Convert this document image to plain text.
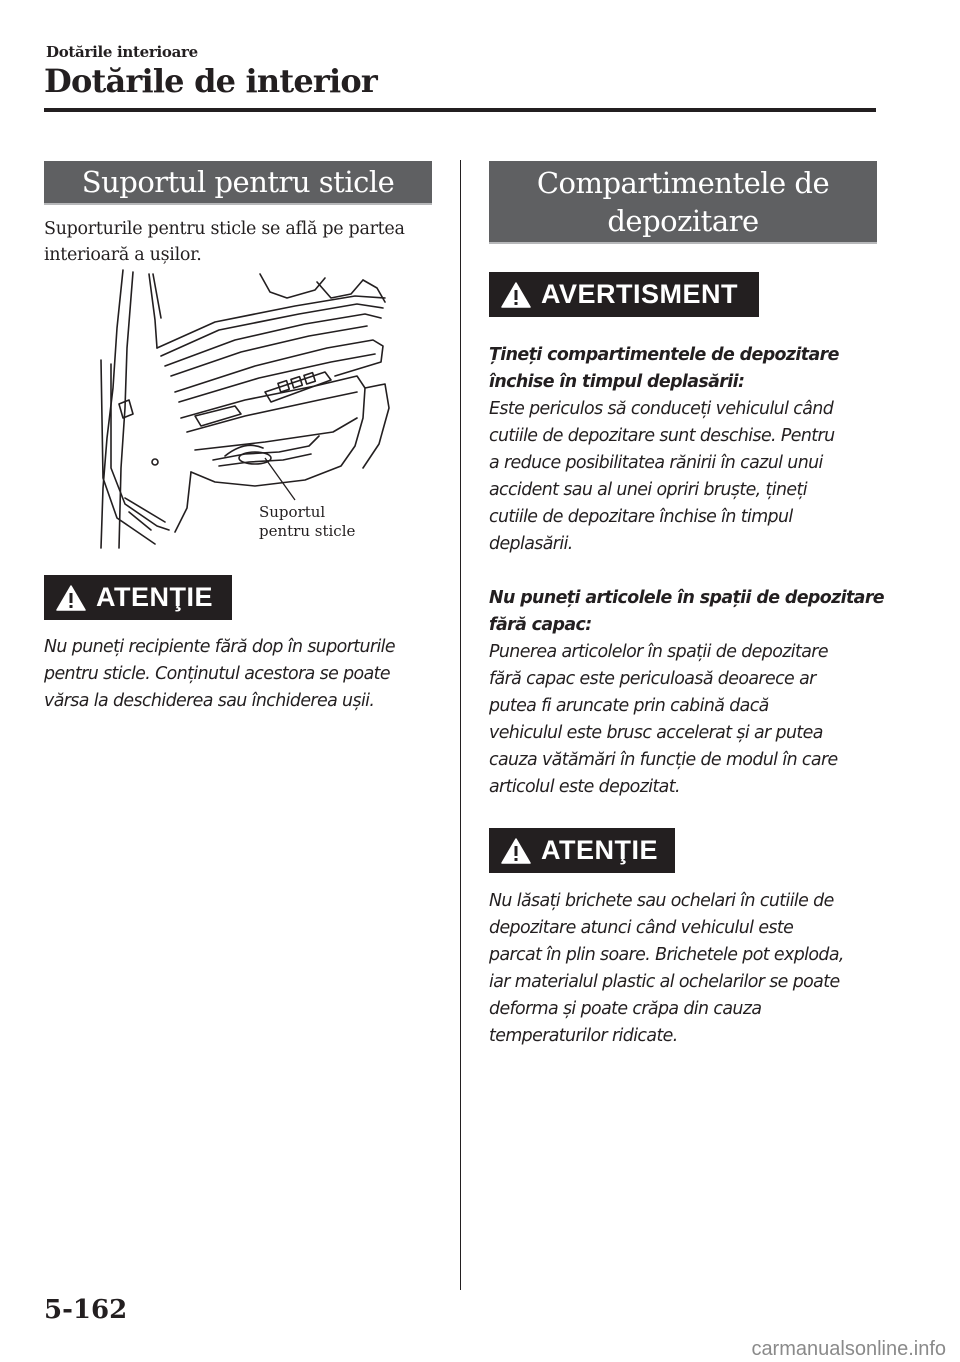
Dotările interioare
Dotările de interior
Suportul pentru sticle
Suporturile pentru sticle se află pe partea interioară a ușilor.
Suportul
pentru sticle
ATENŢIE
Nu puneți recipiente fără dop în suporturile
pentru sticle. Conținutul acestora se poate
vărsa la deschiderea sau închiderea ușii.
Compartimentele de
depozitare
AVERTISMENT
Țineți compartimentele de depozitare
închise în timpul deplasării:
Este periculos să conduceți vehiculul când
cutiile de depozitare sunt deschise. Pentru
a reduce posibilitatea rănirii în cazul unui
accident sau al unei opriri bruște, țineți
cutiile de depozitare închise în timpul
deplasării.
Nu puneți articolele în spații de depozitare
fără capac:
Punerea articolelor în spații de depozitare
fără capac este periculoasă deoarece ar
putea fi aruncate prin cabină dacă
vehiculul este brusc accelerat și ar putea
cauza vătămări în funcție de modul în care
articolul este depozitat.
ATENŢIE
Nu lăsați brichete sau ochelari în cutiile de
depozitare atunci când vehiculul este
parcat în plin soare. Brichetele pot exploda,
iar materialul plastic al ochelarilor se poate
deforma și poate crăpa din cauza
temperaturilor ridicate.
5-162
carmanualsonline.info
